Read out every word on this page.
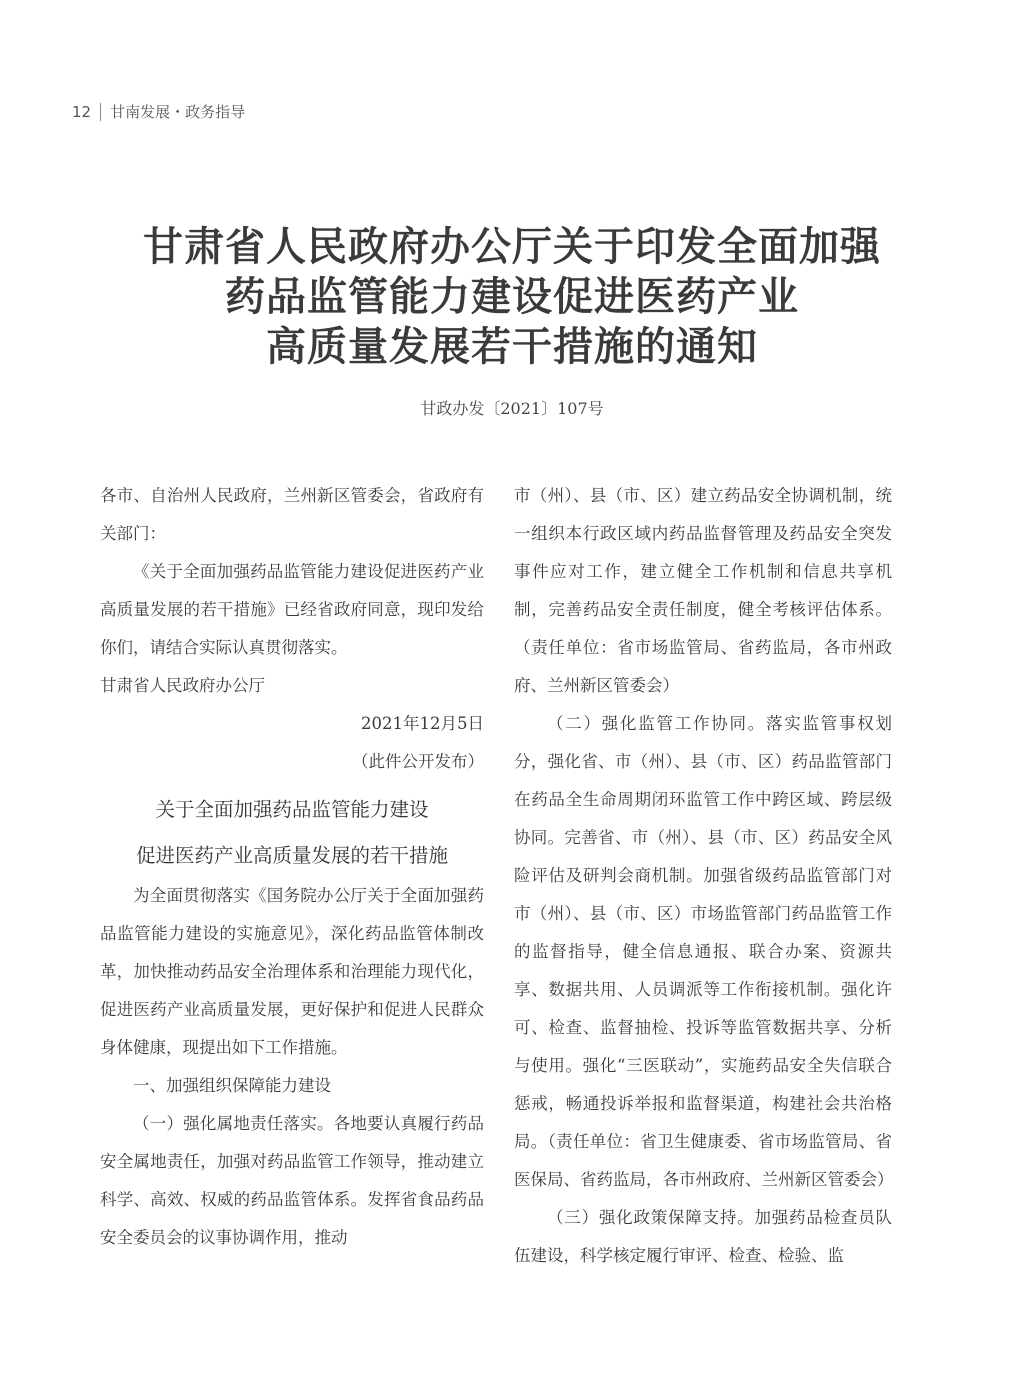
12 甘南发展・政务指导
甘肃省人民政府办公厅关于印发全面加强
药品监管能力建设促进医药产业
高质量发展若干措施的通知
甘政办发〔2021〕107号

各市、自治州人民政府，兰州新区管委会，省政府有关部门：

《关于全面加强药品监管能力建设促进医药产业高质量发展的若干措施》已经省政府同意，现印发给你们，请结合实际认真贯彻落实。

甘肃省人民政府办公厅

2021年12月5日

（此件公开发布）

关于全面加强药品监管能力建设

促进医药产业高质量发展的若干措施

为全面贯彻落实《国务院办公厅关于全面加强药品监管能力建设的实施意见》，深化药品监管体制改革，加快推动药品安全治理体系和治理能力现代化，促进医药产业高质量发展，更好保护和促进人民群众身体健康，现提出如下工作措施。

一、加强组织保障能力建设

（一）强化属地责任落实。各地要认真履行药品安全属地责任，加强对药品监管工作领导，推动建立科学、高效、权威的药品监管体系。发挥省食品药品安全委员会的议事协调作用，推动

市（州）、县（市、区）建立药品安全协调机制，统一组织本行政区域内药品监督管理及药品安全突发事件应对工作，建立健全工作机制和信息共享机制，完善药品安全责任制度，健全考核评估体系。（责任单位：省市场监管局、省药监局，各市州政府、兰州新区管委会）

（二）强化监管工作协同。落实监管事权划分，强化省、市（州）、县（市、区）药品监管部门在药品全生命周期闭环监管工作中跨区域、跨层级协同。完善省、市（州）、县（市、区）药品安全风险评估及研判会商机制。加强省级药品监管部门对市（州）、县（市、区）市场监管部门药品监管工作的监督指导，健全信息通报、联合办案、资源共享、数据共用、人员调派等工作衔接机制。强化许可、检查、监督抽检、投诉等监管数据共享、分析与使用。强化“三医联动”，实施药品安全失信联合惩戒，畅通投诉举报和监督渠道，构建社会共治格局。（责任单位：省卫生健康委、省市场监管局、省医保局、省药监局，各市州政府、兰州新区管委会）

（三）强化政策保障支持。加强药品检查员队伍建设，科学核定履行审评、检查、检验、监
